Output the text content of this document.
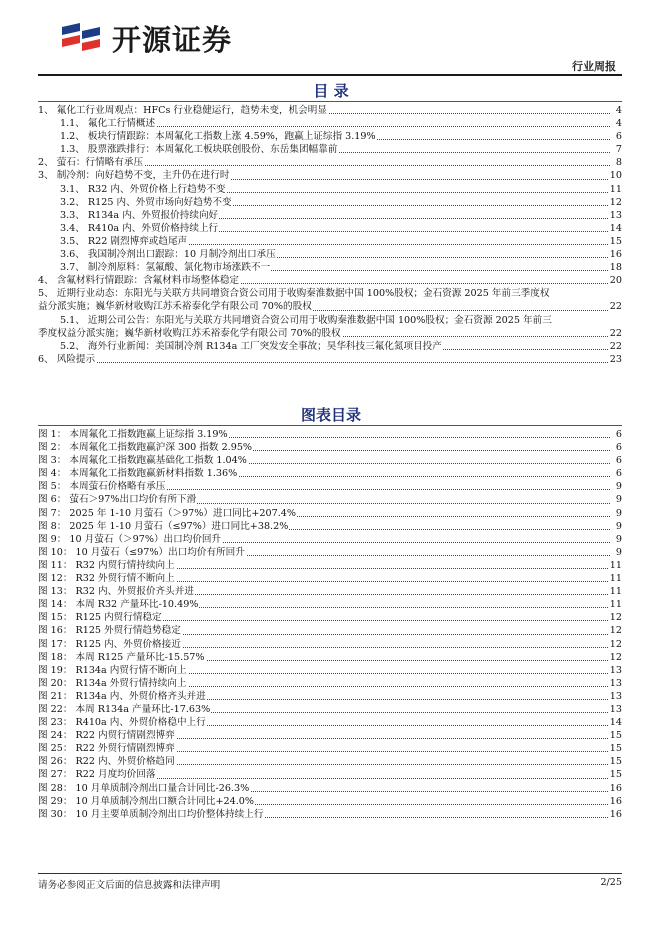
开源证券
行业周报
目 录
1、 氟化工行业周观点：HFCs 行业稳健运行，趋势未变，机会明显	4
1.1、 氟化工行情概述	4
1.2、 板块行情跟踪：本周氟化工指数上涨 4.59%，跑赢上证综指 3.19%	6
1.3、 股票涨跌排行：本周氟化工板块联创股份、东岳集团幅靠前	7
2、 萤石：行情略有承压	8
3、 制冷剂：向好趋势不变，主升仍在进行时	10
3.1、 R32 内、外贸价格上行趋势不变	11
3.2、 R125 内、外贸市场向好趋势不变	12
3.3、 R134a 内、外贸报价持续向好	13
3.4、 R410a 内、外贸价格持续上行	14
3.5、 R22 剧烈博弈或趋尾声	15
3.6、 我国制冷剂出口跟踪：10 月制冷剂出口承压	16
3.7、 制冷剂原料：氢氟酸、氯化物市场涨跌不一	18
4、 含氟材料行情跟踪：含氟材料市场整体稳定	20
5、 近期行业动态：东阳光与关联方共同增资合资公司用于收购秦淮数据中国 100%股权；金石资源 2025 年前三季度权
益分派实施；巍华新材收购江苏禾裕泰化学有限公司 70%的股权	22
5.1、 近期公司公告：东阳光与关联方共同增资合资公司用于收购秦淮数据中国 100%股权；金石资源 2025 年前三
季度权益分派实施；巍华新材收购江苏禾裕泰化学有限公司 70%的股权	22
5.2、 海外行业新闻：美国制冷剂 R134a 工厂突发安全事故；昊华科技三氟化氮项目投产	22
6、 风险提示	23
图表目录
图 1： 本周氟化工指数跑赢上证综指 3.19%	6
图 2： 本周氟化工指数跑赢沪深 300 指数 2.95%	6
图 3： 本周氟化工指数跑赢基础化工指数 1.04%	6
图 4： 本周氟化工指数跑赢新材料指数 1.36%	6
图 5： 本周萤石价格略有承压	9
图 6： 萤石＞97%出口均价有所下滑	9
图 7： 2025 年 1-10 月萤石（＞97%）进口同比+207.4%	9
图 8： 2025 年 1-10 月萤石（≤97%）进口同比+38.2%	9
图 9： 10 月萤石（＞97%）出口均价回升	9
图 10： 10 月萤石（≤97%）出口均价有所回升	9
图 11： R32 内贸行情持续向上	11
图 12： R32 外贸行情不断向上	11
图 13： R32 内、外贸报价齐头并进	11
图 14： 本周 R32 产量环比-10.49%	11
图 15： R125 内贸行情稳定	12
图 16： R125 外贸行情趋势稳定	12
图 17： R125 内、外贸价格接近	12
图 18： 本周 R125 产量环比-15.57%	12
图 19： R134a 内贸行情不断向上	13
图 20： R134a 外贸行情持续向上	13
图 21： R134a 内、外贸价格齐头并进	13
图 22： 本周 R134a 产量环比-17.63%	13
图 23： R410a 内、外贸价格稳中上行	14
图 24： R22 内贸行情剧烈博弈	15
图 25： R22 外贸行情剧烈博弈	15
图 26： R22 内、外贸价格趋同	15
图 27： R22 月度均价回落	15
图 28： 10 月单质制冷剂出口量合计同比-26.3%	16
图 29： 10 月单质制冷剂出口额合计同比+24.0%	16
图 30： 10 月主要单质制冷剂出口均价整体持续上行	16
请务必参阅正文后面的信息披露和法律声明	2/25
